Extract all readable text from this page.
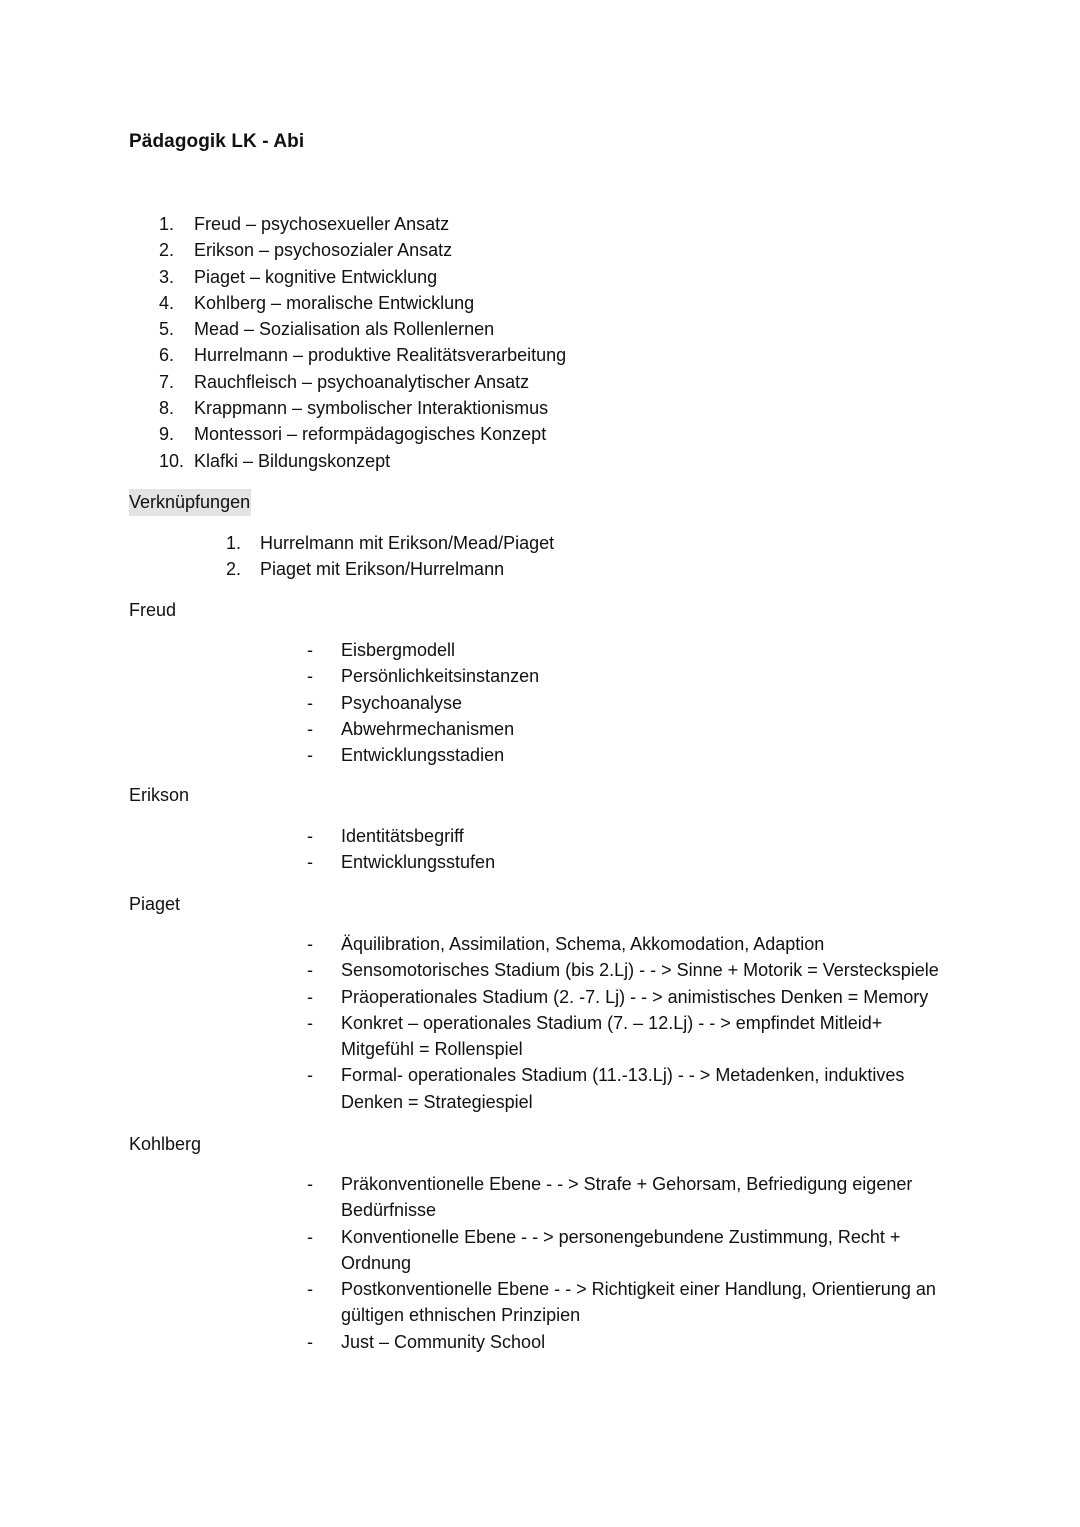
Pädagogik LK - Abi
1.	Freud – psychosexueller Ansatz
2.	Erikson – psychosozialer Ansatz
3.	Piaget – kognitive Entwicklung
4.	Kohlberg – moralische Entwicklung
5.	Mead – Sozialisation als Rollenlernen
6.	Hurrelmann – produktive Realitätsverarbeitung
7.	Rauchfleisch – psychoanalytischer Ansatz
8.	Krappmann – symbolischer Interaktionismus
9.	Montessori – reformpädagogisches Konzept
10. Klafki – Bildungskonzept
Verknüpfungen
1.	Hurrelmann mit Erikson/Mead/Piaget
2.	Piaget mit Erikson/Hurrelmann
Freud
-	Eisbergmodell
-	Persönlichkeitsinstanzen
-	Psychoanalyse
-	Abwehrmechanismen
-	Entwicklungsstadien
Erikson
-	Identitätsbegriff
-	Entwicklungsstufen
Piaget
-	Äquilibration, Assimilation, Schema, Akkomodation, Adaption
-	Sensomotorisches Stadium (bis 2.Lj) - - > Sinne + Motorik = Versteckspiele
-	Präoperationales Stadium (2. -7. Lj) - - > animistisches Denken = Memory
-	Konkret – operationales Stadium (7. – 12.Lj) - - > empfindet Mitleid+ Mitgefühl = Rollenspiel
-	Formal- operationales Stadium (11.-13.Lj) - - > Metadenken, induktives Denken = Strategiespiel
Kohlberg
-	Präkonventionelle Ebene - - > Strafe + Gehorsam, Befriedigung eigener Bedürfnisse
-	Konventionelle Ebene - - > personengebundene Zustimmung, Recht + Ordnung
-	Postkonventionelle Ebene - - > Richtigkeit einer Handlung, Orientierung an gültigen ethnischen Prinzipien
-	Just – Community School
